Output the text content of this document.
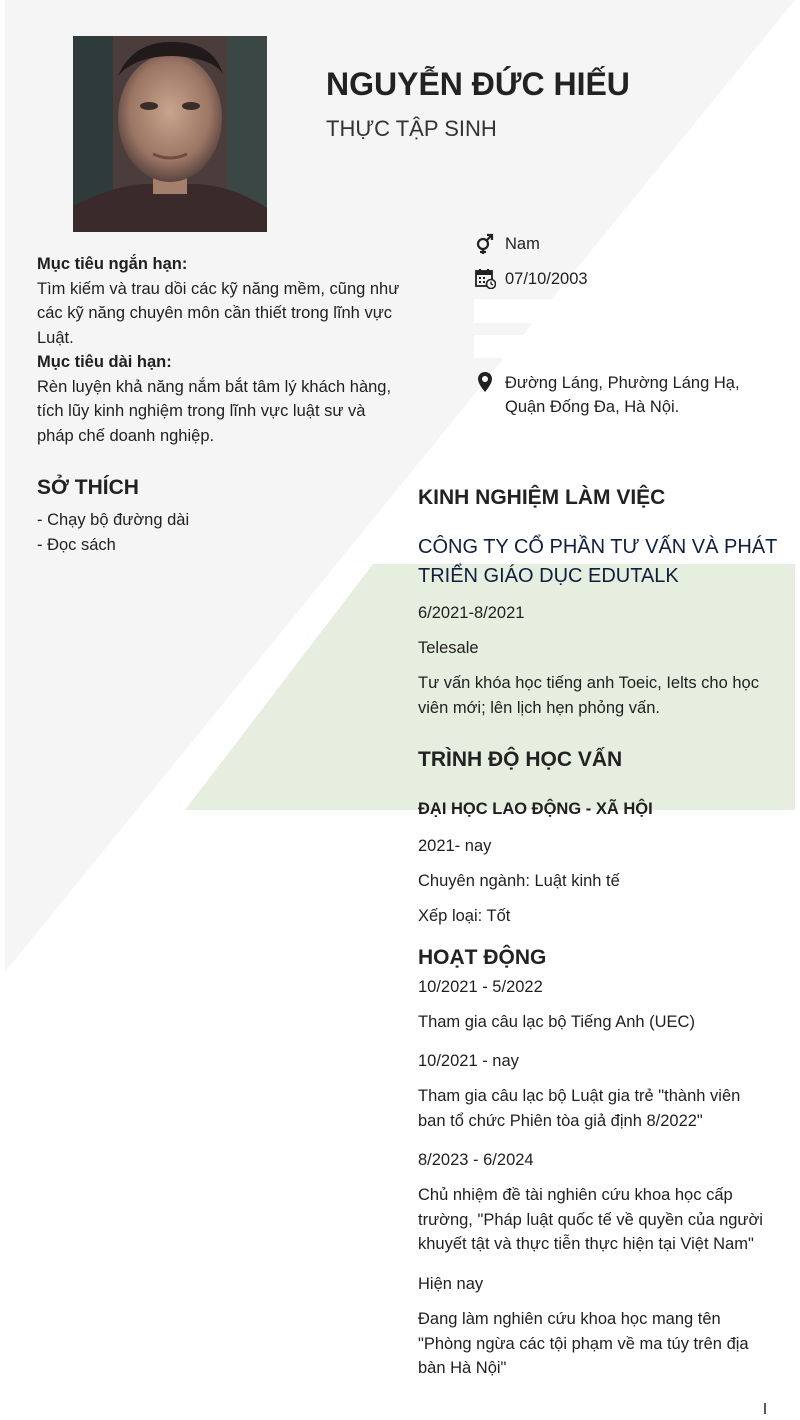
NGUYỄN ĐỨC HIẾU
THỰC TẬP SINH
Nam
07/10/2003
Đường Láng, Phường Láng Hạ,
Quận Đống Đa, Hà Nội.
Mục tiêu ngắn hạn:
Tìm kiếm và trau dồi các kỹ năng mềm, cũng như
các kỹ năng chuyên môn cần thiết trong lĩnh vực
Luật.
Mục tiêu dài hạn:
Rèn luyện khả năng nắm bắt tâm lý khách hàng,
tích lũy kinh nghiệm trong lĩnh vực luật sư và
pháp chế doanh nghiệp.
SỞ THÍCH
- Chạy bộ đường dài
- Đọc sách
KINH NGHIỆM LÀM VIỆC
CÔNG TY CỔ PHẦN TƯ VẤN VÀ PHÁT
TRIỂN GIÁO DỤC EDUTALK
6/2021-8/2021
Telesale
Tư vấn khóa học tiếng anh Toeic, Ielts cho học
viên mới; lên lịch hẹn phỏng vấn.
TRÌNH ĐỘ HỌC VẤN
ĐẠI HỌC LAO ĐỘNG - XÃ HỘI
2021- nay
Chuyên ngành: Luật kinh tế
Xếp loại: Tốt
HOẠT ĐỘNG
10/2021 - 5/2022
Tham gia câu lạc bộ Tiếng Anh (UEC)
10/2021 - nay
Tham gia câu lạc bộ Luật gia trẻ "thành viên
ban tổ chức Phiên tòa giả định 8/2022"
8/2023 - 6/2024
Chủ nhiệm đề tài nghiên cứu khoa học cấp
trường, "Pháp luật quốc tế về quyền của người
khuyết tật và thực tiễn thực hiện tại Việt Nam"
Hiện nay
Đang làm nghiên cứu khoa học mang tên
"Phòng ngừa các tội phạm về ma túy trên địa
bàn Hà Nội"
